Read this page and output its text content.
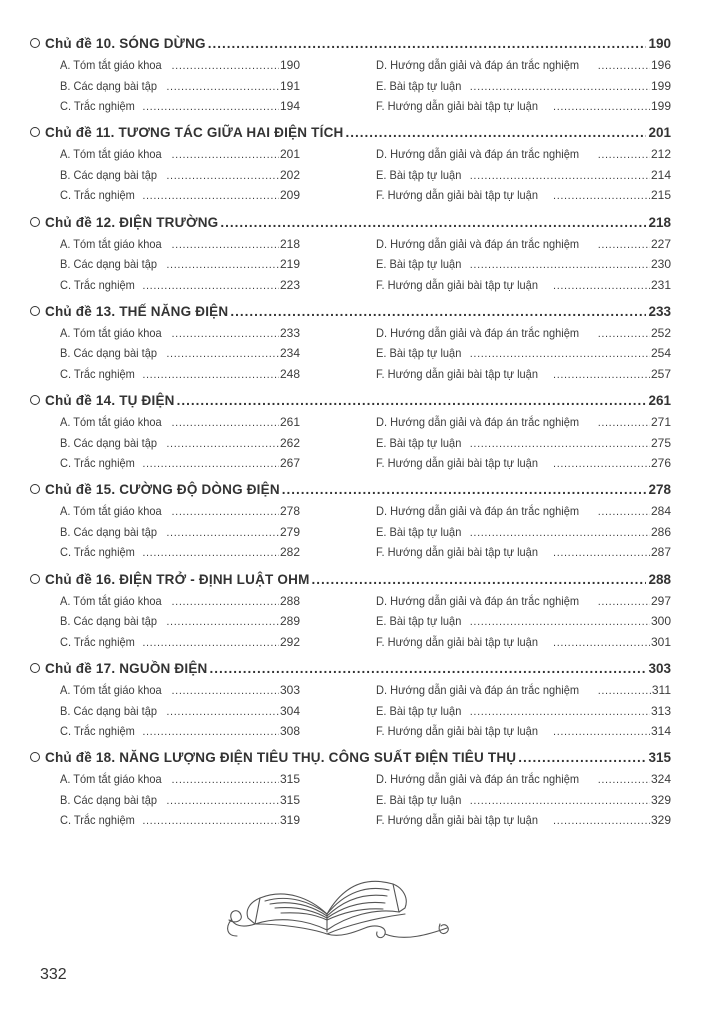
Chủ đề 10. SÓNG DỪNG .....	190
A. Tóm tắt giáo khoa .....	190
B. Các dạng bài tập .....	191
C. Trắc nghiệm .....	194
D. Hướng dẫn giải và đáp án trắc nghiệm .....	196
E. Bài tập tự luận .....	199
F. Hướng dẫn giải bài tập tự luận .....	199
Chủ đề 11. TƯƠNG TÁC GIỮA HAI ĐIỆN TÍCH .....	201
A. Tóm tắt giáo khoa .....	201
B. Các dạng bài tập .....	202
C. Trắc nghiệm .....	209
D. Hướng dẫn giải và đáp án trắc nghiệm .....	212
E. Bài tập tự luận .....	214
F. Hướng dẫn giải bài tập tự luận .....	215
Chủ đề 12. ĐIỆN TRƯỜNG .....	218
A. Tóm tắt giáo khoa .....	218
B. Các dạng bài tập .....	219
C. Trắc nghiệm .....	223
D. Hướng dẫn giải và đáp án trắc nghiệm .....	227
E. Bài tập tự luận .....	230
F. Hướng dẫn giải bài tập tự luận .....	231
Chủ đề 13. THẾ NĂNG ĐIỆN .....	233
A. Tóm tắt giáo khoa .....	233
B. Các dạng bài tập .....	234
C. Trắc nghiệm .....	248
D. Hướng dẫn giải và đáp án trắc nghiệm .....	252
E. Bài tập tự luận .....	254
F. Hướng dẫn giải bài tập tự luận .....	257
Chủ đề 14. TỤ ĐIỆN .....	261
A. Tóm tắt giáo khoa .....	261
B. Các dạng bài tập .....	262
C. Trắc nghiệm .....	267
D. Hướng dẫn giải và đáp án trắc nghiệm .....	271
E. Bài tập tự luận .....	275
F. Hướng dẫn giải bài tập tự luận .....	276
Chủ đề 15. CƯỜNG ĐỘ DÒNG ĐIỆN .....	278
A. Tóm tắt giáo khoa .....	278
B. Các dạng bài tập .....	279
C. Trắc nghiệm .....	282
D. Hướng dẫn giải và đáp án trắc nghiệm .....	284
E. Bài tập tự luận .....	286
F. Hướng dẫn giải bài tập tự luận .....	287
Chủ đề 16. ĐIỆN TRỞ - ĐỊNH LUẬT OHM .....	288
A. Tóm tắt giáo khoa .....	288
B. Các dạng bài tập .....	289
C. Trắc nghiệm .....	292
D. Hướng dẫn giải và đáp án trắc nghiệm .....	297
E. Bài tập tự luận .....	300
F. Hướng dẫn giải bài tập tự luận .....	301
Chủ đề 17. NGUỒN ĐIỆN .....	303
A. Tóm tắt giáo khoa .....	303
B. Các dạng bài tập .....	304
C. Trắc nghiệm .....	308
D. Hướng dẫn giải và đáp án trắc nghiệm .....	311
E. Bài tập tự luận .....	313
F. Hướng dẫn giải bài tập tự luận .....	314
Chủ đề 18. NĂNG LƯỢNG ĐIỆN TIÊU THỤ. CÔNG SUẤT ĐIỆN TIÊU THỤ .....	315
A. Tóm tắt giáo khoa .....	315
B. Các dạng bài tập .....	315
C. Trắc nghiệm .....	319
D. Hướng dẫn giải và đáp án trắc nghiệm .....	324
E. Bài tập tự luận .....	329
F. Hướng dẫn giải bài tập tự luận .....	329
332
